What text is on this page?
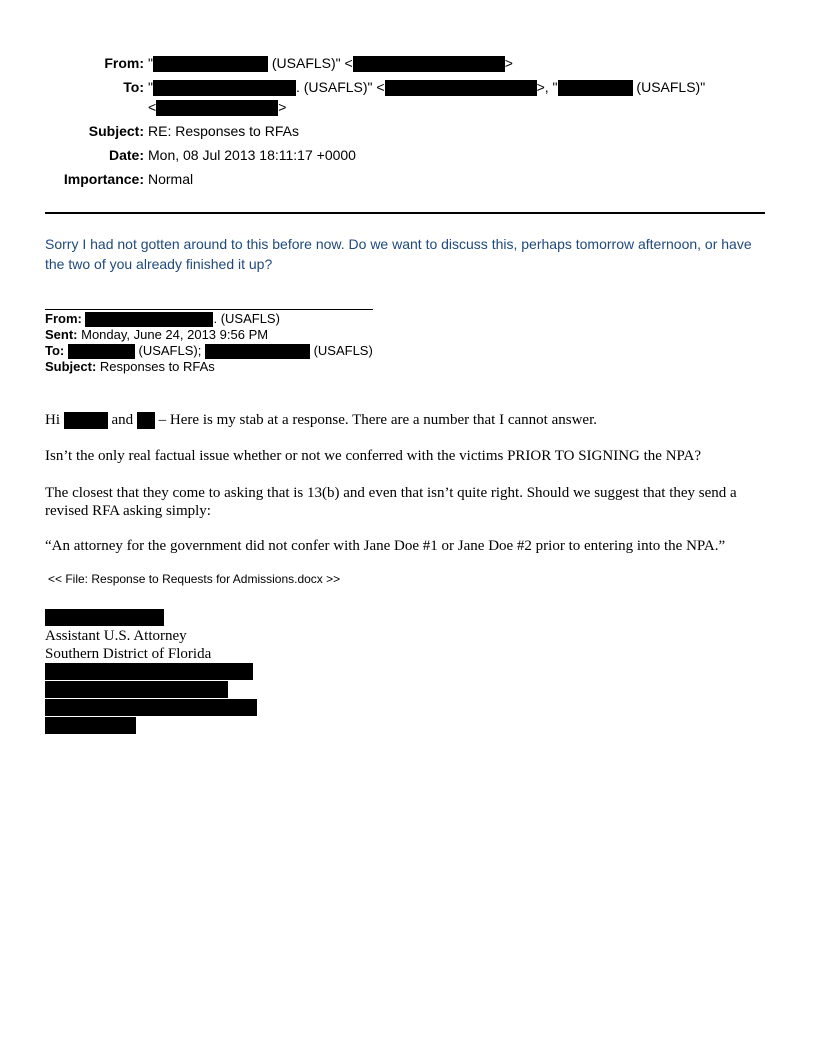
From: "	(USAFLS)" <	>
To: "	. (USAFLS)" <	>, "	(USAFLS)"
<	>
Subject: RE: Responses to RFAs
Date: Mon, 08 Jul 2013 18:11:17 +0000
Importance: Normal
Sorry I had not gotten around to this before now. Do we want to discuss this, perhaps tomorrow afternoon, or have the two of you already finished it up?
From:	. (USAFLS)
Sent: Monday, June 24, 2013 9:56 PM
To:	(USAFLS);	(USAFLS)
Subject: Responses to RFAs
Hi	and  – Here is my stab at a response. There are a number that I cannot answer.
Isn’t the only real factual issue whether or not we conferred with the victims PRIOR TO SIGNING the NPA?
The closest that they come to asking that is 13(b) and even that isn’t quite right. Should we suggest that they send a revised RFA asking simply:
“An attorney for the government did not confer with Jane Doe #1 or Jane Doe #2 prior to entering into the NPA.”
<< File: Response to Requests for Admissions.docx >>
Assistant U.S. Attorney
Southern District of Florida
